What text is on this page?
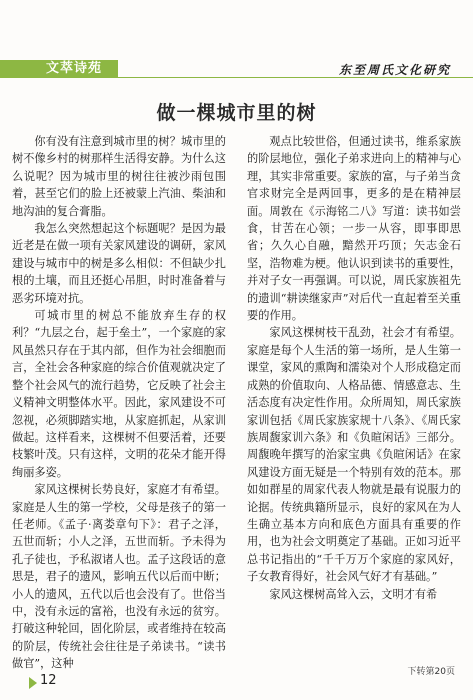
文萃诗苑	东至周氏文化研究
做一棵城市里的树

你有没有注意到城市里的树？城市里的树不像乡村的树那样生活得安静。为什么这么说呢？因为城市里的树往往被沙雨包围着，甚至它们的脸上还被蒙上汽油、柴油和地沟油的复合膏脂。

我怎么突然想起这个标题呢？是因为最近老是在做一项有关家风建设的调研，家风建设与城市中的树是多么相似：不但缺少扎根的土壤，而且还挺心吊胆，时时准备着与恶劣环境对抗。

可城市里的树总不能放弃生存的权利？“九层之台，起于垒土”，一个家庭的家风虽然只存在于其内部，但作为社会细胞而言，全社会各种家庭的综合价值观就决定了整个社会风气的流行趋势，它反映了社会主义精神文明整体水平。因此，家风建设不可忽视，必须脚踏实地，从家庭抓起，从家训做起。这样看来，这棵树不但要活着，还要枝繁叶茂。只有这样，文明的花朵才能开得绚丽多姿。

家风这棵树长势良好，家庭才有希望。家庭是人生的第一学校，父母是孩子的第一任老师。《孟子·离娄章句下》：君子之泽，五世而斩；小人之泽，五世而斩。予未得为孔子徒也，予私淑诸人也。孟子这段话的意思是，君子的遗风，影响五代以后而中断；小人的遗风，五代以后也会没有了。世俗当中，没有永远的富裕，也没有永远的贫穷。打破这种轮回，固化阶层，或者维持在较高的阶层，传统社会往往是子弟读书。“读书做官”，这种

观点比较世俗，但通过读书，维系家族的阶层地位，强化子弟求进向上的精神与心理，其实非常重要。家族的富，与子弟当贪官求财完全是两回事，更多的是在精神层面。周敦在《示海铭二八》写道：读书如尝食，甘苦在心领；一步一从容，即事即思省；久久心自融，黯然开巧顶；矢志金石坚，浩物难为梗。他认识到读书的重要性，并对子女一再强调。可以说，周氏家族祖先的遗训“耕读继家声”对后代一直起着至关重要的作用。

家风这棵树枝干乱劲，社会才有希望。家庭是每个人生活的第一场所，是人生第一课堂，家风的熏陶和濡染对个人形成稳定而成熟的价值取向、人格品德、情感意志、生活态度有决定性作用。众所周知，周氏家族家训包括《周氏家族家规十八条》、《周氏家族周馥家训六条》和《负暄闲话》三部分。周馥晚年撰写的治家宝典《负暄闲话》在家风建设方面无疑是一个特别有效的范本。那如如群星的周家代表人物就是最有说服力的论据。传统典籍所显示，良好的家风在为人生确立基本方向和底色方面具有重要的作用，也为社会文明奠定了基础。正如习近平总书记指出的“千千万万个家庭的家风好，子女教育得好，社会风气好才有基础。”

家风这棵树高耸入云，文明才有希

下转第20页
12
